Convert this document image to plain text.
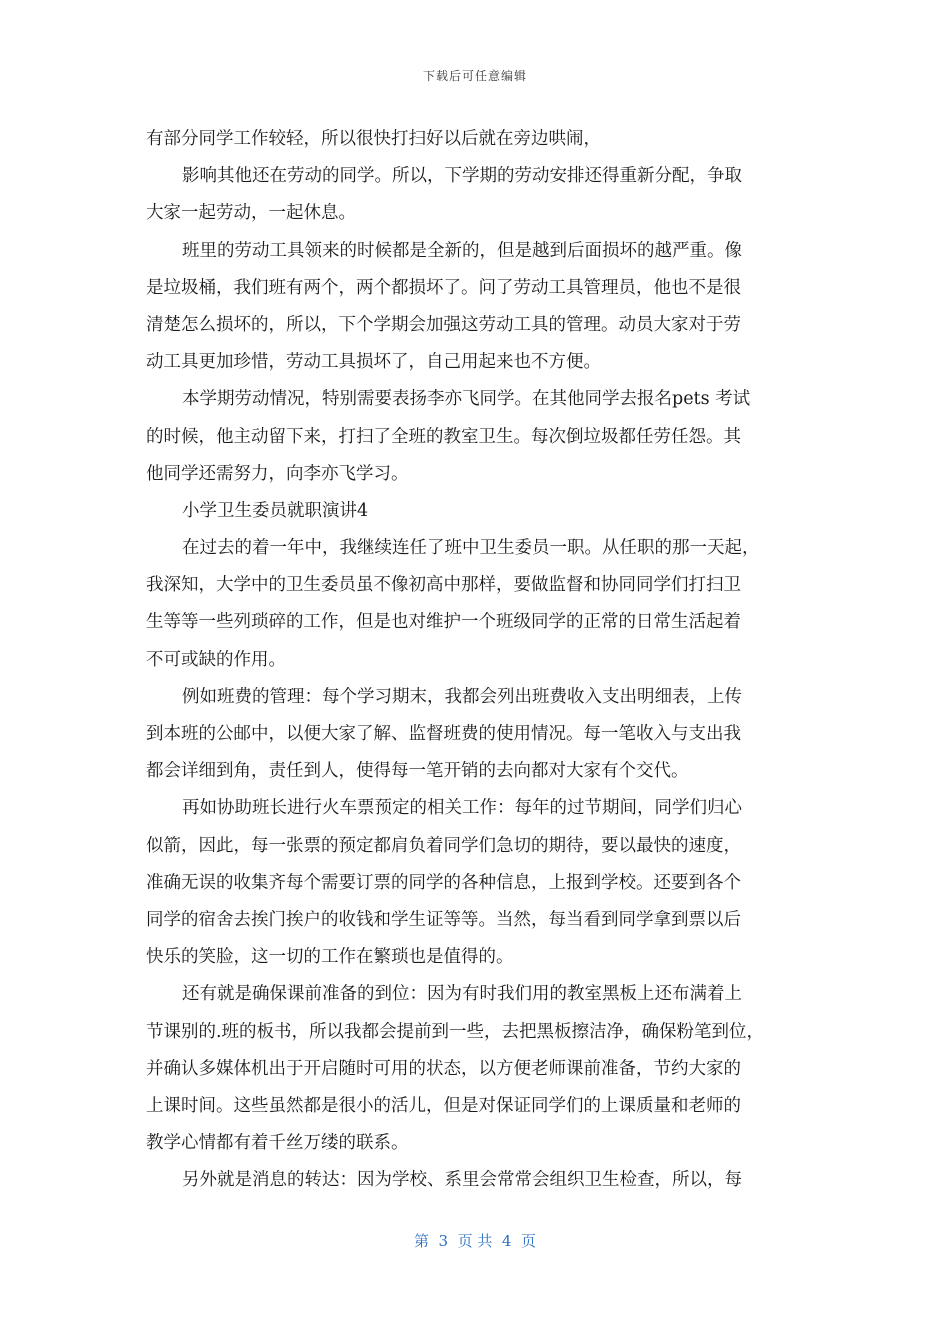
下载后可任意编辑
有部分同学工作较轻，所以很快打扫好以后就在旁边哄闹，
影响其他还在劳动的同学。所以，下学期的劳动安排还得重新分配，争取
大家一起劳动，一起休息。
班里的劳动工具领来的时候都是全新的，但是越到后面损坏的越严重。像
是垃圾桶，我们班有两个，两个都损坏了。问了劳动工具管理员，他也不是很
清楚怎么损坏的，所以，下个学期会加强这劳动工具的管理。动员大家对于劳
动工具更加珍惜，劳动工具损坏了，自己用起来也不方便。
本学期劳动情况，特别需要表扬李亦飞同学。在其他同学去报名pets 考试
的时候，他主动留下来，打扫了全班的教室卫生。每次倒垃圾都任劳任怨。其
他同学还需努力，向李亦飞学习。
小学卫生委员就职演讲4
在过去的着一年中，我继续连任了班中卫生委员一职。从任职的那一天起，
我深知，大学中的卫生委员虽不像初高中那样，要做监督和协同同学们打扫卫
生等等一些列琐碎的工作，但是也对维护一个班级同学的正常的日常生活起着
不可或缺的作用。
例如班费的管理：每个学习期末，我都会列出班费收入支出明细表，上传
到本班的公邮中，以便大家了解、监督班费的使用情况。每一笔收入与支出我
都会详细到角，责任到人，使得每一笔开销的去向都对大家有个交代。
再如协助班长进行火车票预定的相关工作：每年的过节期间，同学们归心
似箭，因此，每一张票的预定都肩负着同学们急切的期待，要以最快的速度，
准确无误的收集齐每个需要订票的同学的各种信息，上报到学校。还要到各个
同学的宿舍去挨门挨户的收钱和学生证等等。当然，每当看到同学拿到票以后
快乐的笑脸，这一切的工作在繁琐也是值得的。
还有就是确保课前准备的到位：因为有时我们用的教室黑板上还布满着上
节课别的.班的板书，所以我都会提前到一些，去把黑板擦洁净，确保粉笔到位，
并确认多媒体机出于开启随时可用的状态，以方便老师课前准备，节约大家的
上课时间。这些虽然都是很小的活儿，但是对保证同学们的上课质量和老师的
教学心情都有着千丝万缕的联系。
另外就是消息的转达：因为学校、系里会常常会组织卫生检查，所以，每
第  3  页 共  4  页
